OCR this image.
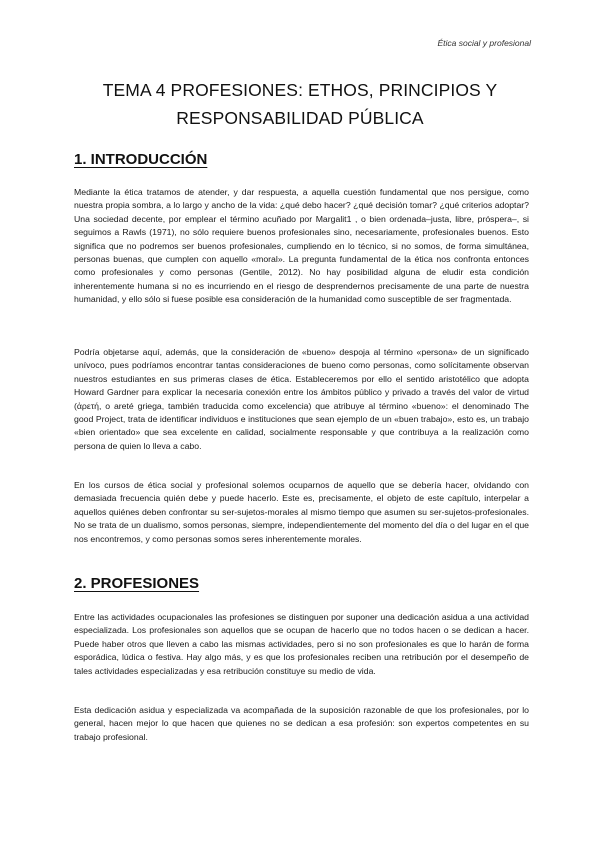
Ética social y profesional
TEMA 4 PROFESIONES: ETHOS, PRINCIPIOS Y
RESPONSABILIDAD PÚBLICA
1. INTRODUCCIÓN

Mediante la ética tratamos de atender, y dar respuesta, a aquella cuestión fundamental que nos persigue, como nuestra propia sombra, a lo largo y ancho de la vida: ¿qué debo hacer? ¿qué decisión tomar? ¿qué criterios adoptar? Una sociedad decente, por emplear el término acuñado por Margalit1 , o bien ordenada–justa, libre, próspera–, si seguimos a Rawls (1971), no sólo requiere buenos profesionales sino, necesariamente, profesionales buenos. Esto significa que no podremos ser buenos profesionales, cumpliendo en lo técnico, si no somos, de forma simultánea, personas buenas, que cumplen con aquello «moral». La pregunta fundamental de la ética nos confronta entonces como profesionales y como personas (Gentile, 2012). No hay posibilidad alguna de eludir esta condición inherentemente humana si no es incurriendo en el riesgo de desprendernos precisamente de una parte de nuestra humanidad, y ello sólo si fuese posible esa consideración de la humanidad como susceptible de ser fragmentada.

Podría objetarse aquí, además, que la consideración de «bueno» despoja al término «persona» de un significado unívoco, pues podríamos encontrar tantas consideraciones de bueno como personas, como solícitamente observan nuestros estudiantes en sus primeras clases de ética. Estableceremos por ello el sentido aristotélico que adopta Howard Gardner para explicar la necesaria conexión entre los ámbitos público y privado a través del valor de virtud (ἀρετή, o areté griega, también traducida como excelencia) que atribuye al término «bueno»: el denominado The good Project, trata de identificar individuos e instituciones que sean ejemplo de un «buen trabajo», esto es, un trabajo «bien orientado» que sea excelente en calidad, socialmente responsable y que contribuya a la realización como persona de quien lo lleva a cabo.

En los cursos de ética social y profesional solemos ocuparnos de aquello que se debería hacer, olvidando con demasiada frecuencia quién debe y puede hacerlo. Este es, precisamente, el objeto de este capítulo, interpelar a aquellos quiénes deben confrontar su ser-sujetos-morales al mismo tiempo que asumen su ser-sujetos-profesionales. No se trata de un dualismo, somos personas, siempre, independientemente del momento del día o del lugar en el que nos encontremos, y como personas somos seres inherentemente morales.

2. PROFESIONES

Entre las actividades ocupacionales las profesiones se distinguen por suponer una dedicación asidua a una actividad especializada. Los profesionales son aquellos que se ocupan de hacerlo que no todos hacen o se dedican a hacer. Puede haber otros que lleven a cabo las mismas actividades, pero si no son profesionales es que lo harán de forma esporádica, lúdica o festiva. Hay algo más, y es que los profesionales reciben una retribución por el desempeño de tales actividades especializadas y esa retribución constituye su medio de vida.

Esta dedicación asidua y especializada va acompañada de la suposición razonable de que los profesionales, por lo general, hacen mejor lo que hacen que quienes no se dedican a esa profesión: son expertos competentes en su trabajo profesional.
